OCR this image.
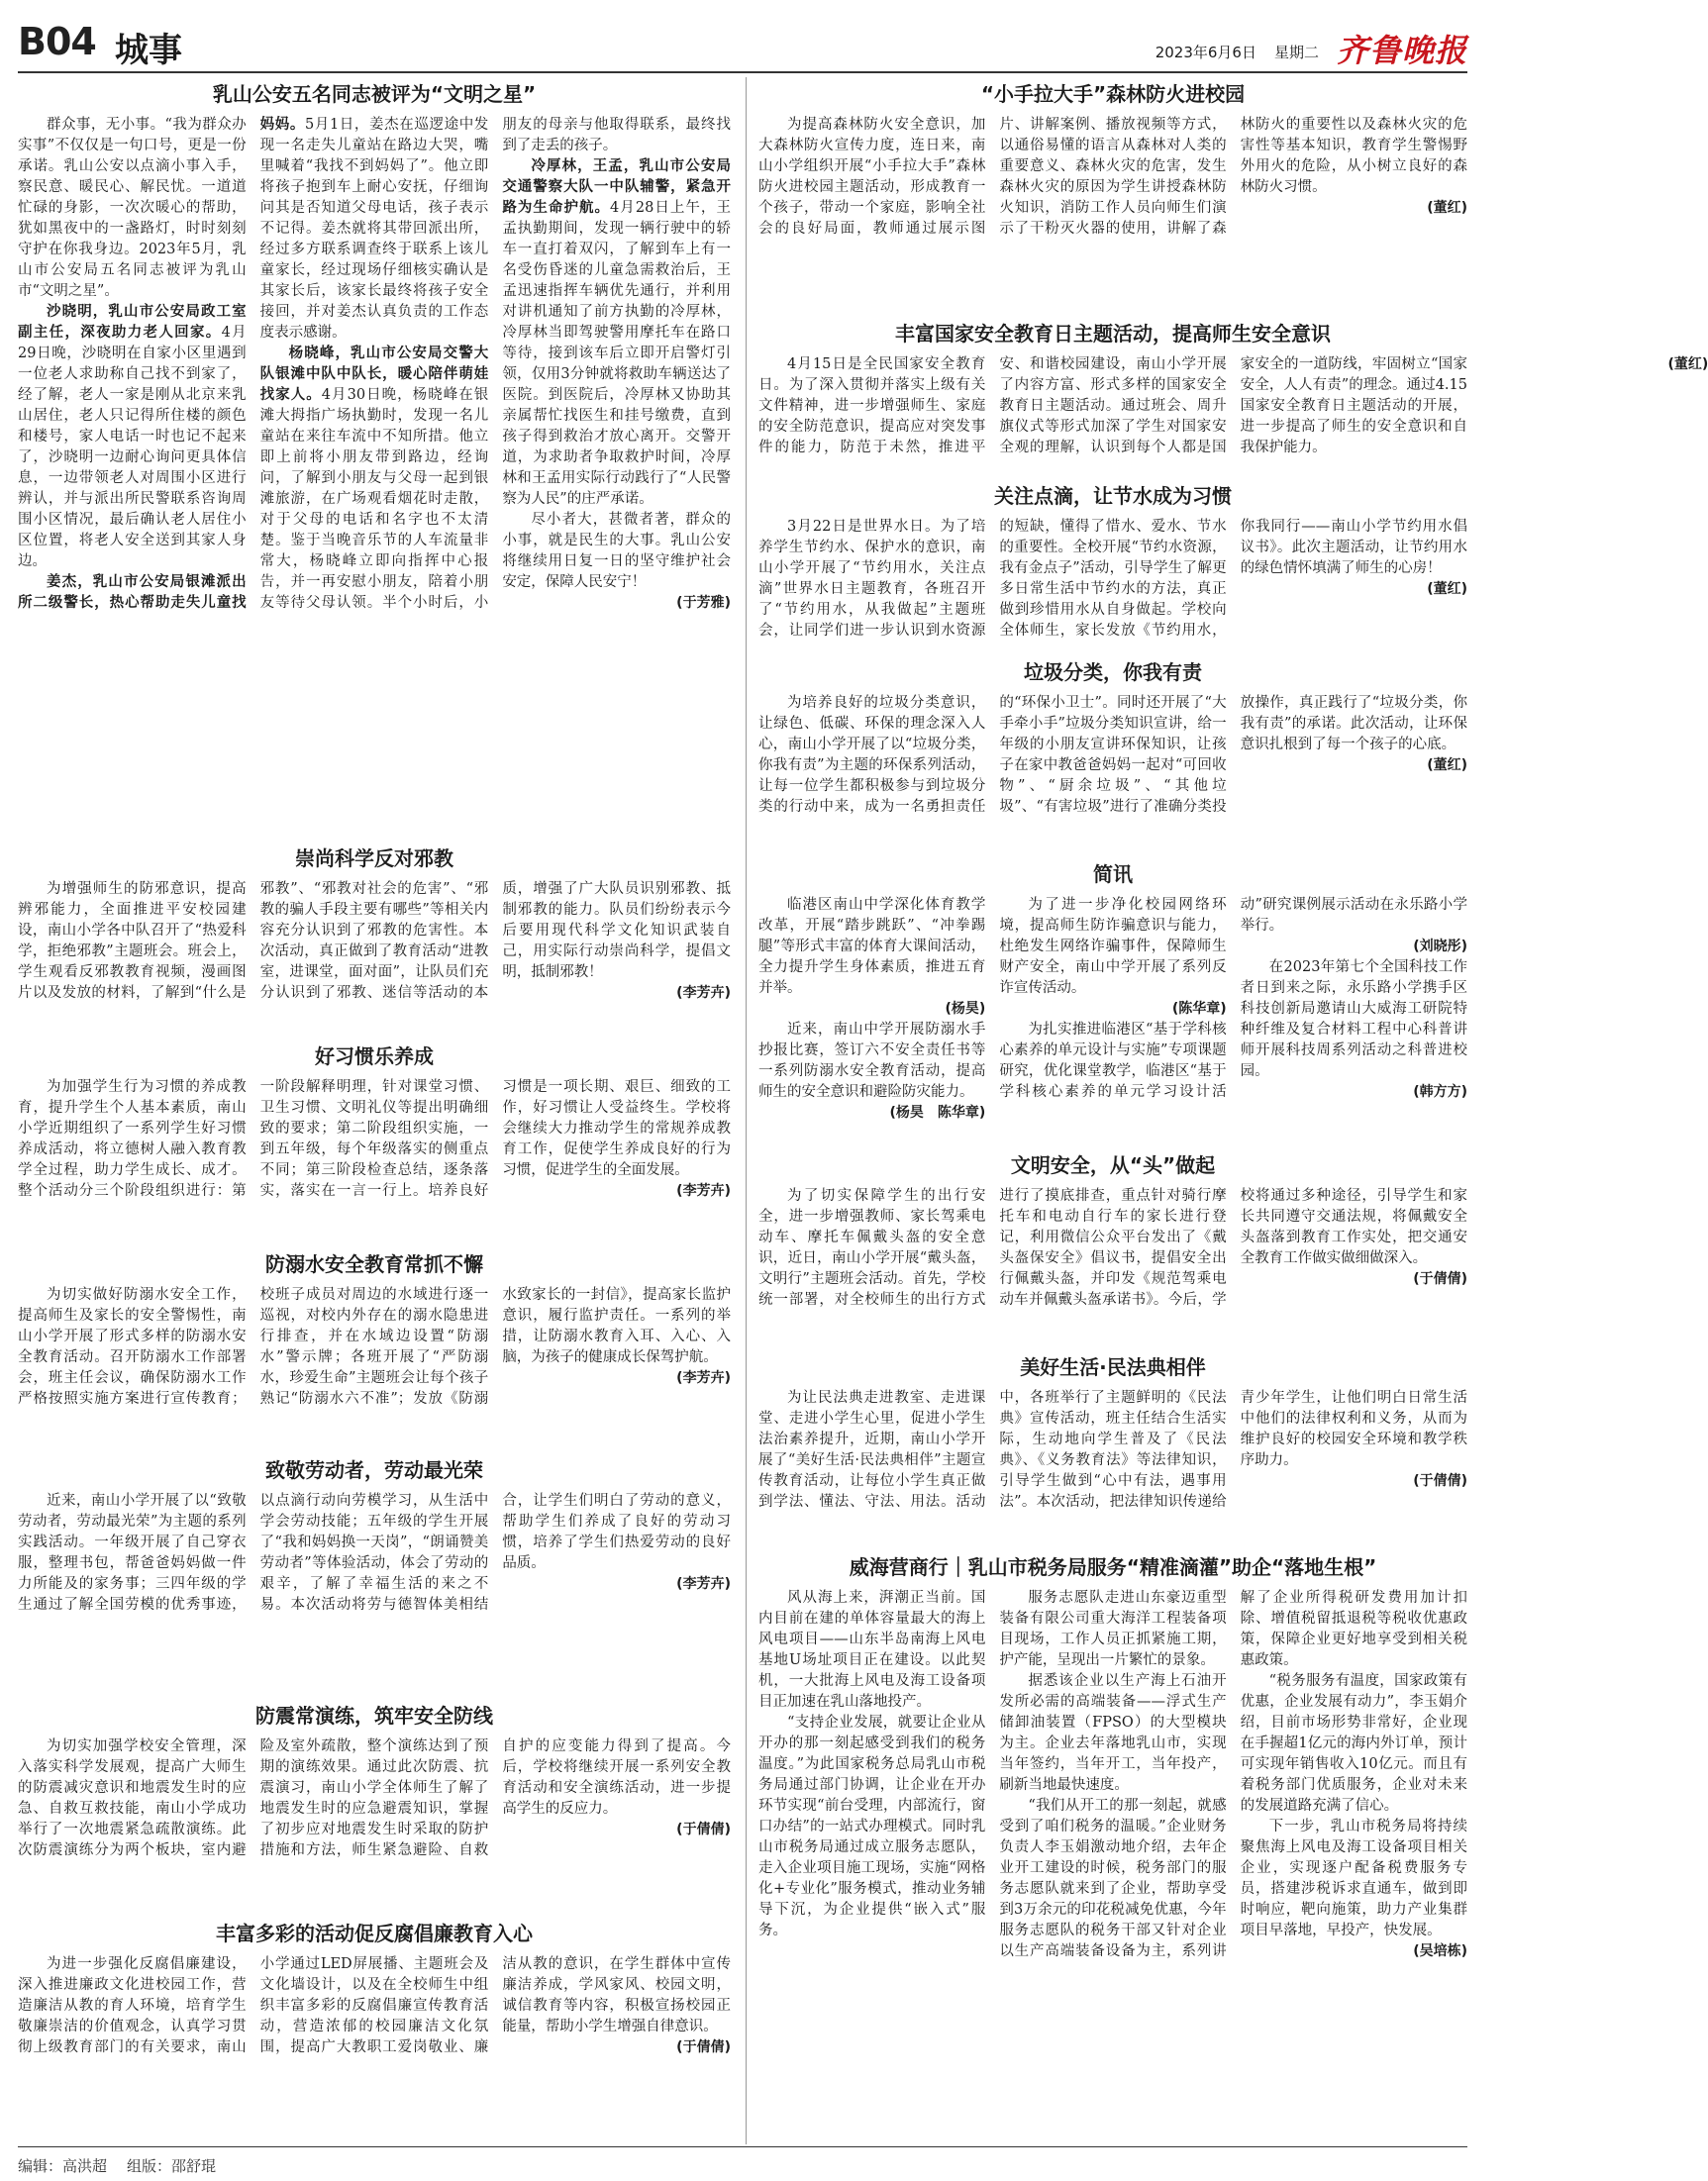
B04 城事	2023年6月6日 星期二 齐鲁晚报
乳山公安五名同志被评为“文明之星”

群众事，无小事。“我为群众办实事”不仅仅是一句口号，更是一份承诺。乳山公安以点滴小事入手，察民意、暖民心、解民忧。一道道忙碌的身影，一次次暖心的帮助，犹如黑夜中的一盏路灯，时时刻刻守护在你我身边。2023年5月，乳山市公安局五名同志被评为乳山市“文明之星”。

沙晓明，乳山市公安局政工室副主任，深夜助力老人回家。4月29日晚，沙晓明在自家小区里遇到一位老人求助称自己找不到家了，经了解，老人一家是刚从北京来乳山居住，老人只记得所住楼的颜色和楼号，家人电话一时也记不起来了，沙晓明一边耐心询问更具体信息，一边带领老人对周围小区进行辨认，并与派出所民警联系咨询周围小区情况，最后确认老人居住小区位置，将老人安全送到其家人身边。

姜杰，乳山市公安局银滩派出所二级警长，热心帮助走失儿童找妈妈。5月1日，姜杰在巡逻途中发现一名走失儿童站在路边大哭，嘴里喊着“我找不到妈妈了”。他立即将孩子抱到车上耐心安抚，仔细询问其是否知道父母电话，孩子表示不记得。姜杰就将其带回派出所，经过多方联系调查终于联系上该儿童家长，经过现场仔细核实确认是其家长后，该家长最终将孩子安全接回，并对姜杰认真负责的工作态度表示感谢。

杨晓峰，乳山市公安局交警大队银滩中队中队长，暖心陪伴萌娃找家人。4月30日晚，杨晓峰在银滩大拇指广场执勤时，发现一名儿童站在来往车流中不知所措。他立即上前将小朋友带到路边，经询问，了解到小朋友与父母一起到银滩旅游，在广场观看烟花时走散，对于父母的电话和名字也不太清楚。鉴于当晚音乐节的人车流量非常大，杨晓峰立即向指挥中心报告，并一再安慰小朋友，陪着小朋友等待父母认领。半个小时后，小朋友的母亲与他取得联系，最终找到了走丢的孩子。

冷厚林，王孟，乳山市公安局交通警察大队一中队辅警，紧急开路为生命护航。4月28日上午，王孟执勤期间，发现一辆行驶中的轿车一直打着双闪，了解到车上有一名受伤昏迷的儿童急需救治后，王孟迅速指挥车辆优先通行，并利用对讲机通知了前方执勤的冷厚林，冷厚林当即驾驶警用摩托车在路口等待，接到该车后立即开启警灯引领，仅用3分钟就将救助车辆送达了医院。到医院后，冷厚林又协助其亲属帮忙找医生和挂号缴费，直到孩子得到救治才放心离开。交警开道，为求助者争取救护时间，冷厚林和王孟用实际行动践行了“人民警察为人民”的庄严承诺。

尽小者大，甚微者著，群众的小事，就是民生的大事。乳山公安将继续用日复一日的坚守维护社会安定，保障人民安宁！

(于芳雅)
崇尚科学反对邪教

为增强师生的防邪意识，提高辨邪能力，全面推进平安校园建设，南山小学各中队召开了“热爱科学，拒绝邪教”主题班会。班会上，学生观看反邪教教育视频，漫画图片以及发放的材料，了解到“什么是邪教”、“邪教对社会的危害”、“邪教的骗人手段主要有哪些”等相关内容充分认识到了邪教的危害性。本次活动，真正做到了教育活动“进教室，进课堂，面对面”，让队员们充分认识到了邪教、迷信等活动的本质，增强了广大队员识别邪教、抵制邪教的能力。队员们纷纷表示今后要用现代科学文化知识武装自己，用实际行动崇尚科学，提倡文明，抵制邪教！

(李芳卉)
好习惯乐养成

为加强学生行为习惯的养成教育，提升学生个人基本素质，南山小学近期组织了一系列学生好习惯养成活动，将立德树人融入教育教学全过程，助力学生成长、成才。整个活动分三个阶段组织进行：第一阶段解释明理，针对课堂习惯、卫生习惯、文明礼仪等提出明确细致的要求；第二阶段组织实施，一到五年级，每个年级落实的侧重点不同；第三阶段检查总结，逐条落实，落实在一言一行上。培养良好习惯是一项长期、艰巨、细致的工作，好习惯让人受益终生。学校将会继续大力推动学生的常规养成教育工作，促使学生养成良好的行为习惯，促进学生的全面发展。

(李芳卉)
防溺水安全教育常抓不懈

为切实做好防溺水安全工作，提高师生及家长的安全警惕性，南山小学开展了形式多样的防溺水安全教育活动。召开防溺水工作部署会，班主任会议，确保防溺水工作严格按照实施方案进行宣传教育；校班子成员对周边的水域进行逐一巡视，对校内外存在的溺水隐患进行排查，并在水域边设置“防溺水”警示牌；各班开展了“严防溺水，珍爱生命”主题班会让每个孩子熟记“防溺水六不准”；发放《防溺水致家长的一封信》，提高家长监护意识，履行监护责任。一系列的举措，让防溺水教育入耳、入心、入脑，为孩子的健康成长保驾护航。

(李芳卉)
致敬劳动者，劳动最光荣

近来，南山小学开展了以“致敬劳动者，劳动最光荣”为主题的系列实践活动。一年级开展了自己穿衣服，整理书包，帮爸爸妈妈做一件力所能及的家务事；三四年级的学生通过了解全国劳模的优秀事迹，以点滴行动向劳模学习，从生活中学会劳动技能；五年级的学生开展了“我和妈妈换一天岗”，“朗诵赞美劳动者”等体验活动，体会了劳动的艰辛，了解了幸福生活的来之不易。本次活动将劳与德智体美相结合，让学生们明白了劳动的意义，帮助学生们养成了良好的劳动习惯，培养了学生们热爱劳动的良好品质。

(李芳卉)
防震常演练，筑牢安全防线

为切实加强学校安全管理，深入落实科学发展观，提高广大师生的防震减灾意识和地震发生时的应急、自救互救技能，南山小学成功举行了一次地震紧急疏散演练。此次防震演练分为两个板块，室内避险及室外疏散，整个演练达到了预期的演练效果。通过此次防震、抗震演习，南山小学全体师生了解了地震发生时的应急避震知识，掌握了初步应对地震发生时采取的防护措施和方法，师生紧急避险、自救自护的应变能力得到了提高。今后，学校将继续开展一系列安全教育活动和安全演练活动，进一步提高学生的反应力。

(于倩倩)
丰富多彩的活动促反腐倡廉教育入心

为进一步强化反腐倡廉建设，深入推进廉政文化进校园工作，营造廉洁从教的育人环境，培育学生敬廉崇洁的价值观念，认真学习贯彻上级教育部门的有关要求，南山小学通过LED屏展播、主题班会及文化墙设计，以及在全校师生中组织丰富多彩的反腐倡廉宣传教育活动，营造浓郁的校园廉洁文化氛围，提高广大教职工爱岗敬业、廉洁从教的意识，在学生群体中宣传廉洁养成，学风家风、校园文明，诚信教育等内容，积极宣扬校园正能量，帮助小学生增强自律意识。

(于倩倩)
“小手拉大手”森林防火进校园

为提高森林防火安全意识，加大森林防火宣传力度，连日来，南山小学组织开展“小手拉大手”森林防火进校园主题活动，形成教育一个孩子，带动一个家庭，影响全社会的良好局面，教师通过展示图片、讲解案例、播放视频等方式，以通俗易懂的语言从森林对人类的重要意义、森林火灾的危害，发生森林火灾的原因为学生讲授森林防火知识，消防工作人员向师生们演示了干粉灭火器的使用，讲解了森林防火的重要性以及森林火灾的危害性等基本知识，教育学生警惕野外用火的危险，从小树立良好的森林防火习惯。

(董红)
丰富国家安全教育日主题活动，提高师生安全意识

4月15日是全民国家安全教育日。为了深入贯彻并落实上级有关文件精神，进一步增强师生、家庭的安全防范意识，提高应对突发事件的能力，防范于未然，推进平安、和谐校园建设，南山小学开展了内容方富、形式多样的国家安全教育日主题活动。通过班会、周升旗仪式等形式加深了学生对国家安全观的理解，认识到每个人都是国家安全的一道防线，牢固树立“国家安全，人人有责”的理念。通过4.15国家安全教育日主题活动的开展，进一步提高了师生的安全意识和自我保护能力。

(董红)
关注点滴，让节水成为习惯

3月22日是世界水日。为了培养学生节约水、保护水的意识，南山小学开展了“节约用水，关注点滴”世界水日主题教育，各班召开了“节约用水，从我做起”主题班会，让同学们进一步认识到水资源的短缺，懂得了惜水、爱水、节水的重要性。全校开展“节约水资源，我有金点子”活动，引导学生了解更多日常生活中节约水的方法，真正做到珍惜用水从自身做起。学校向全体师生，家长发放《节约用水，你我同行——南山小学节约用水倡议书》。此次主题活动，让节约用水的绿色情怀填满了师生的心房！

(董红)
垃圾分类，你我有责

为培养良好的垃圾分类意识，让绿色、低碳、环保的理念深入人心，南山小学开展了以“垃圾分类，你我有责”为主题的环保系列活动，让每一位学生都积极参与到垃圾分类的行动中来，成为一名勇担责任的“环保小卫士”。同时还开展了“大手牵小手”垃圾分类知识宣讲，给一年级的小朋友宣讲环保知识，让孩子在家中教爸爸妈妈一起对“可回收物”、“厨余垃圾”、“其他垃圾”、“有害垃圾”进行了准确分类投放操作，真正践行了“垃圾分类，你我有责”的承诺。此次活动，让环保意识扎根到了每一个孩子的心底。

(董红)
简讯

临港区南山中学深化体育教学改革，开展“踏步跳跃”、“冲拳踢腿”等形式丰富的体育大课间活动，全力提升学生身体素质，推进五育并举。

(杨昊)

近来，南山中学开展防溺水手抄报比赛，签订六不安全责任书等一系列防溺水安全教育活动，提高师生的安全意识和避险防灾能力。

(杨昊　陈华章)

为了进一步净化校园网络环境，提高师生防诈骗意识与能力，杜绝发生网络诈骗事件，保障师生财产安全，南山中学开展了系列反诈宣传活动。

(陈华章)

为扎实推进临港区“基于学科核心素养的单元设计与实施”专项课题研究，优化课堂教学，临港区“基于学科核心素养的单元学习设计活动”研究课例展示活动在永乐路小学举行。

(刘晓彤)

在2023年第七个全国科技工作者日到来之际，永乐路小学携手区科技创新局邀请山大威海工研院特种纤维及复合材料工程中心科普讲师开展科技周系列活动之科普进校园。

(韩方方)
文明安全，从“头”做起

为了切实保障学生的出行安全，进一步增强教师、家长驾乘电动车、摩托车佩戴头盔的安全意识，近日，南山小学开展“戴头盔，文明行”主题班会活动。首先，学校统一部署，对全校师生的出行方式进行了摸底排查，重点针对骑行摩托车和电动自行车的家长进行登记，利用微信公众平台发出了《戴头盔保安全》倡议书，提倡安全出行佩戴头盔，并印发《规范驾乘电动车并佩戴头盔承诺书》。今后，学校将通过多种途径，引导学生和家长共同遵守交通法规，将佩戴安全头盔落到教育工作实处，把交通安全教育工作做实做细做深入。

(于倩倩)
美好生活·民法典相伴

为让民法典走进教室、走进课堂、走进小学生心里，促进小学生法治素养提升，近期，南山小学开展了“美好生活·民法典相伴”主题宣传教育活动，让每位小学生真正做到学法、懂法、守法、用法。活动中，各班举行了主题鲜明的《民法典》宣传活动，班主任结合生活实际，生动地向学生普及了《民法典》、《义务教育法》等法律知识，引导学生做到“心中有法，遇事用法”。本次活动，把法律知识传递给青少年学生，让他们明白日常生活中他们的法律权利和义务，从而为维护良好的校园安全环境和教学秩序助力。

(于倩倩)
威海营商行｜乳山市税务局服务“精准滴灌”助企“落地生根”

风从海上来，湃潮正当前。国内目前在建的单体容量最大的海上风电项目——山东半岛南海上风电基地U场址项目正在建设。以此契机，一大批海上风电及海工设备项目正加速在乳山落地投产。

“支持企业发展，就要让企业从开办的那一刻起感受到我们的税务温度。”为此国家税务总局乳山市税务局通过部门协调，让企业在开办环节实现“前台受理，内部流行，窗口办结”的一站式办理模式。同时乳山市税务局通过成立服务志愿队，走入企业项目施工现场，实施“网格化+专业化”服务模式，推动业务辅导下沉，为企业提供“嵌入式”服务。

服务志愿队走进山东豪迈重型装备有限公司重大海洋工程装备项目现场，工作人员正抓紧施工期，护产能，呈现出一片繁忙的景象。

据悉该企业以生产海上石油开发所必需的高端装备——浮式生产储卸油装置（FPSO）的大型模块为主。企业去年落地乳山市，实现当年签约，当年开工，当年投产，刷新当地最快速度。

“我们从开工的那一刻起，就感受到了咱们税务的温暖。”企业财务负责人李玉娟激动地介绍，去年企业开工建设的时候，税务部门的服务志愿队就来到了企业，帮助享受到3万余元的印花税减免优惠，今年服务志愿队的税务干部又针对企业以生产高端装备设备为主，系列讲解了企业所得税研发费用加计扣除、增值税留抵退税等税收优惠政策，保障企业更好地享受到相关税惠政策。

“税务服务有温度，国家政策有优惠，企业发展有动力”，李玉娟介绍，目前市场形势非常好，企业现在手握超1亿元的海内外订单，预计可实现年销售收入10亿元。而且有着税务部门优质服务，企业对未来的发展道路充满了信心。

下一步，乳山市税务局将持续聚焦海上风电及海工设备项目相关企业，实现逐户配备税费服务专员，搭建涉税诉求直通车，做到即时响应，靶向施策，助力产业集群项目早落地，早投产，快发展。

(吴培栋)
编辑：高洪超 组版：邵舒琨
